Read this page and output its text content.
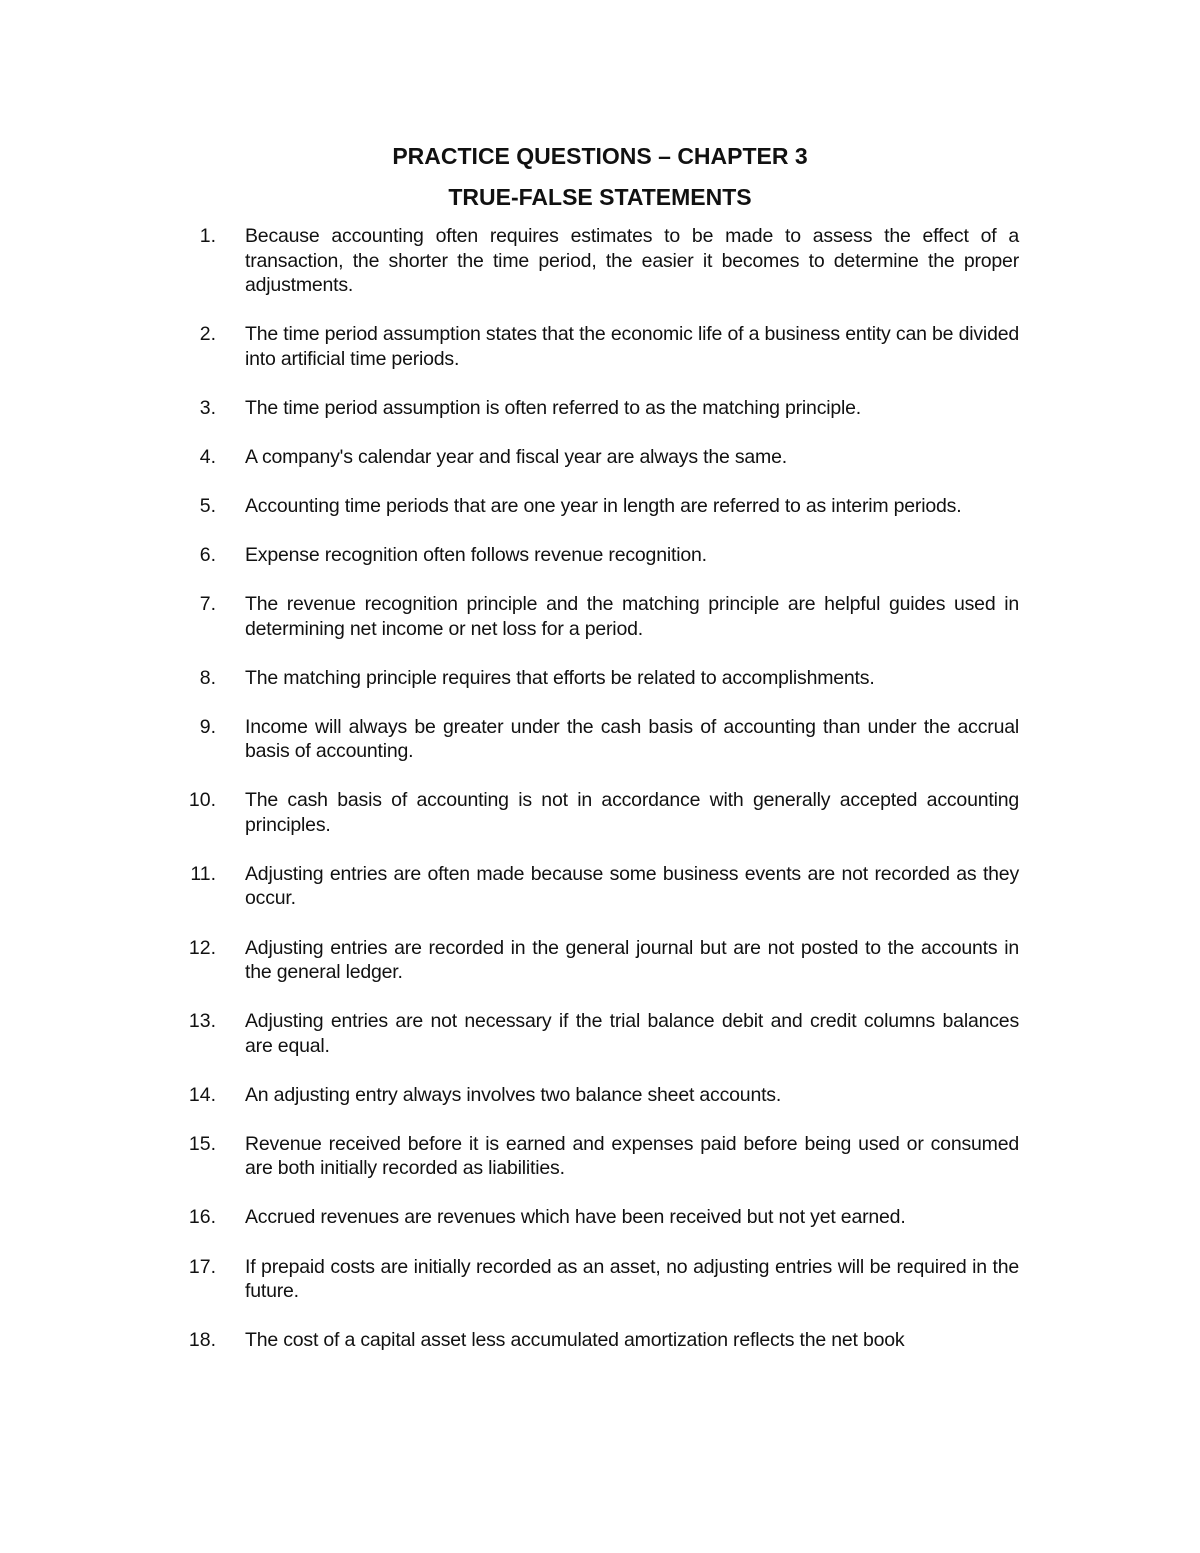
PRACTICE QUESTIONS – CHAPTER 3
TRUE-FALSE STATEMENTS
1. Because accounting often requires estimates to be made to assess the effect of a transaction, the shorter the time period, the easier it becomes to determine the proper adjustments.
2. The time period assumption states that the economic life of a business entity can be divided into artificial time periods.
3. The time period assumption is often referred to as the matching principle.
4. A company's calendar year and fiscal year are always the same.
5. Accounting time periods that are one year in length are referred to as interim periods.
6. Expense recognition often follows revenue recognition.
7. The revenue recognition principle and the matching principle are helpful guides used in determining net income or net loss for a period.
8. The matching principle requires that efforts be related to accomplishments.
9. Income will always be greater under the cash basis of accounting than under the accrual basis of accounting.
10. The cash basis of accounting is not in accordance with generally accepted accounting principles.
11. Adjusting entries are often made because some business events are not recorded as they occur.
12. Adjusting entries are recorded in the general journal but are not posted to the accounts in the general ledger.
13. Adjusting entries are not necessary if the trial balance debit and credit columns balances are equal.
14. An adjusting entry always involves two balance sheet accounts.
15. Revenue received before it is earned and expenses paid before being used or consumed are both initially recorded as liabilities.
16. Accrued revenues are revenues which have been received but not yet earned.
17. If prepaid costs are initially recorded as an asset, no adjusting entries will be required in the future.
18. The cost of a capital asset less accumulated amortization reflects the net book
